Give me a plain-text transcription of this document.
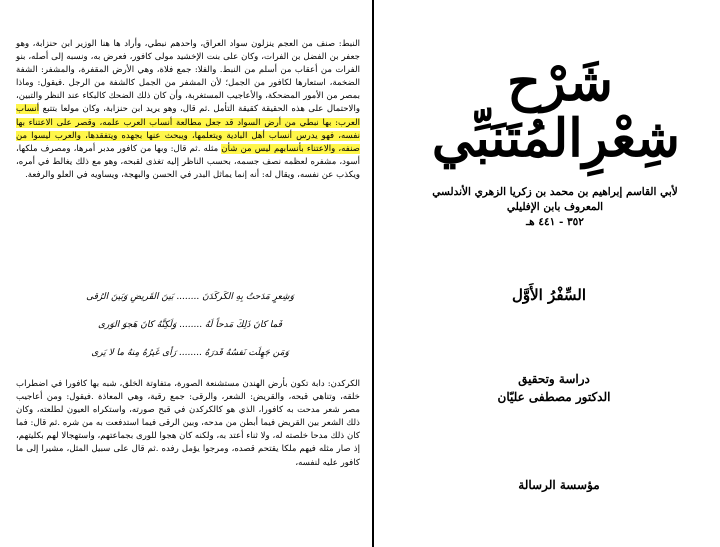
النبط: صنف من العجم ينزلون سواد العراق، واحدهم نبطي، وأراد ها هنا الوزير ابن حنزابة، وهو جعفر بن الفضل بن الفرات، وكان على بنت الإخشيد مولى كافور، فعرض به، ونسبه إلى أصله، بنو الفرات من أعقاب من أسلم من النبط. والفلا: جمع فلاة، وهي الأرض المقفرة، والمشفر: الشفة الضخمة، استعارها لكافور من الجمل؛ لأن المشفر من الجمل كالشفة من الرجل .فيقول: وماذا بمصر من الأمور المضحكة، والأعاجيب المستغربة، وأن كان ذلك الضحك كالبكاء عند النظر والتبين، والاحتمال على هذه الحقيقة كقيقة التأمل .ثم قال، وهو يريد ابن حنزابة، وكان مولعا بتتبع أنساب العرب: بها نبطي من أرض السواد قد جعل مطالعة أنساب العرب علمه، وقصر على الاعتناء بها نفسه، فهو يدرس أنساب أهل البادية ويتعلمها، ويبحث عنها بجهده ويتفقدها، والعرب ليسوا من صنفه، والاعتناء بأنسابهم ليس من شأن مثله .ثم قال: وبها من كافور مدبر أمرها، ومصرف ملكها، أسود، مشفره لعظمه نصف جسمه، بحسب الناظر إليه تغذى لقبحه، وهو مع ذلك يغالط في أمره، ويكذب عن نفسه، ويقال له: أنه إنما يماثل البدر في الحسن والبهجة، ويساويه في العلو والرفعة.

وَشِعرٍ مَدَحتُ بِهِ الكَركَدَنَ ........ بَينَ القَريضِ وَبَينَ الرُقى

فَما كانَ ذَلِكَ مَدحاً لَهُ ........ وَلَكِنَّهُ كانَ هَجوَ الوَرى

وَمَن جَهِلَت نَفسُهُ قَدرَهُ ........ رَأى غَيرُهُ مِنهُ ما لا يَرى

الكركدن: دابة تكون بأرض الهندن مستشنعة الصورة، متفاوتة الخلق، شبه بها كافورا في اضطراب خلقه، وتناهي قبحه، والقريض: الشعر، والرقى: جمع رقية، وهي المعاذة .فيقول: ومن أعاجيب مصر شعر مدحت به كافورا، الذي هو كالكركدن في قبح صورته، واستكراه العيون لطلعته، وكان ذلك الشعر بين القريض فيما أبطن من مدحه، وبين الرقى فيما استدفعت به من شره .ثم قال: فما كان ذلك مدحا خلصته له، ولا ثناء أعتد به، ولكنه كان هجوا للورى بجماعتهم، واستهجالا لهم بكليتهم، إذ صار مثله فيهم ملكا يقتحم قصده، ومرجوا يؤمل رفده .ثم قال على سبيل المثل، مشيرا إلى ما كافور عليه لنفسه،

شَرْح
شِعْرِالمُتَنَبِّي
لأبي القاسم إبراهيم بن محمد بن زكريا الزهري الأندلسي
المعروف بابن الإفليلي
٣٥٢ - ٤٤١ هـ
السِّفْرُ الأَوَّل
دراسة وتحقيق
الدكتور مصطفى عليّان
مؤسسة الرسالة
